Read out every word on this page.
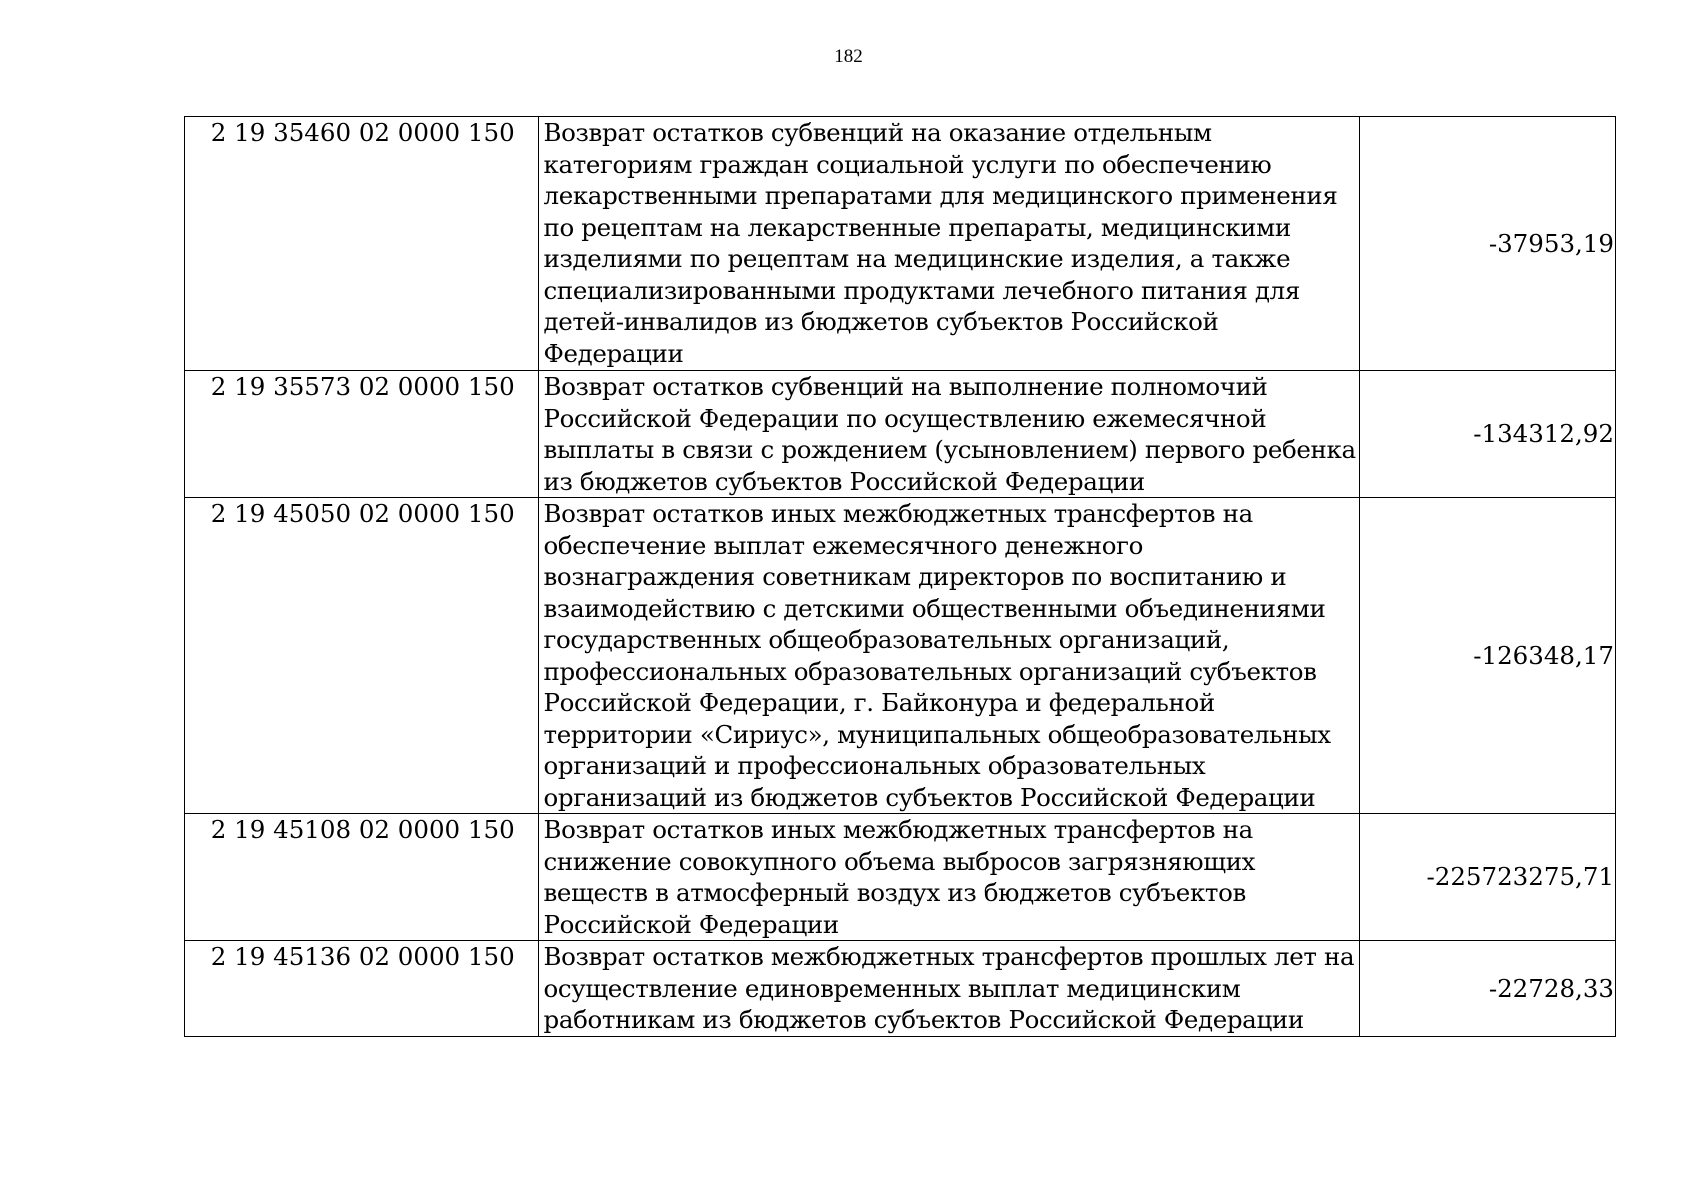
182
2 19 35460 02 0000 150	Возврат остатков субвенций на оказание отдельным категориям граждан социальной услуги по обеспечению лекарственными препаратами для медицинского применения по рецептам на лекарственные препараты, медицинскими изделиями по рецептам на медицинские изделия, а также специализированными продуктами лечебного питания для детей-инвалидов из бюджетов субъектов Российской Федерации	-37953,19
2 19 35573 02 0000 150	Возврат остатков субвенций на выполнение полномочий Российской Федерации по осуществлению ежемесячной выплаты в связи с рождением (усыновлением) первого ребенка из бюджетов субъектов Российской Федерации	-134312,92
2 19 45050 02 0000 150	Возврат остатков иных межбюджетных трансфертов на обеспечение выплат ежемесячного денежного вознаграждения советникам директоров по воспитанию и взаимодействию с детскими общественными объединениями государственных общеобразовательных организаций, профессиональных образовательных организаций субъектов Российской Федерации, г. Байконура и федеральной территории «Сириус», муниципальных общеобразовательных организаций и профессиональных образовательных организаций из бюджетов субъектов Российской Федерации	-126348,17
2 19 45108 02 0000 150	Возврат остатков иных межбюджетных трансфертов на снижение совокупного объема выбросов загрязняющих веществ в атмосферный воздух из бюджетов субъектов Российской Федерации	-225723275,71
2 19 45136 02 0000 150	Возврат остатков межбюджетных трансфертов прошлых лет на осуществление единовременных выплат медицинским работникам из бюджетов субъектов Российской Федерации	-22728,33
